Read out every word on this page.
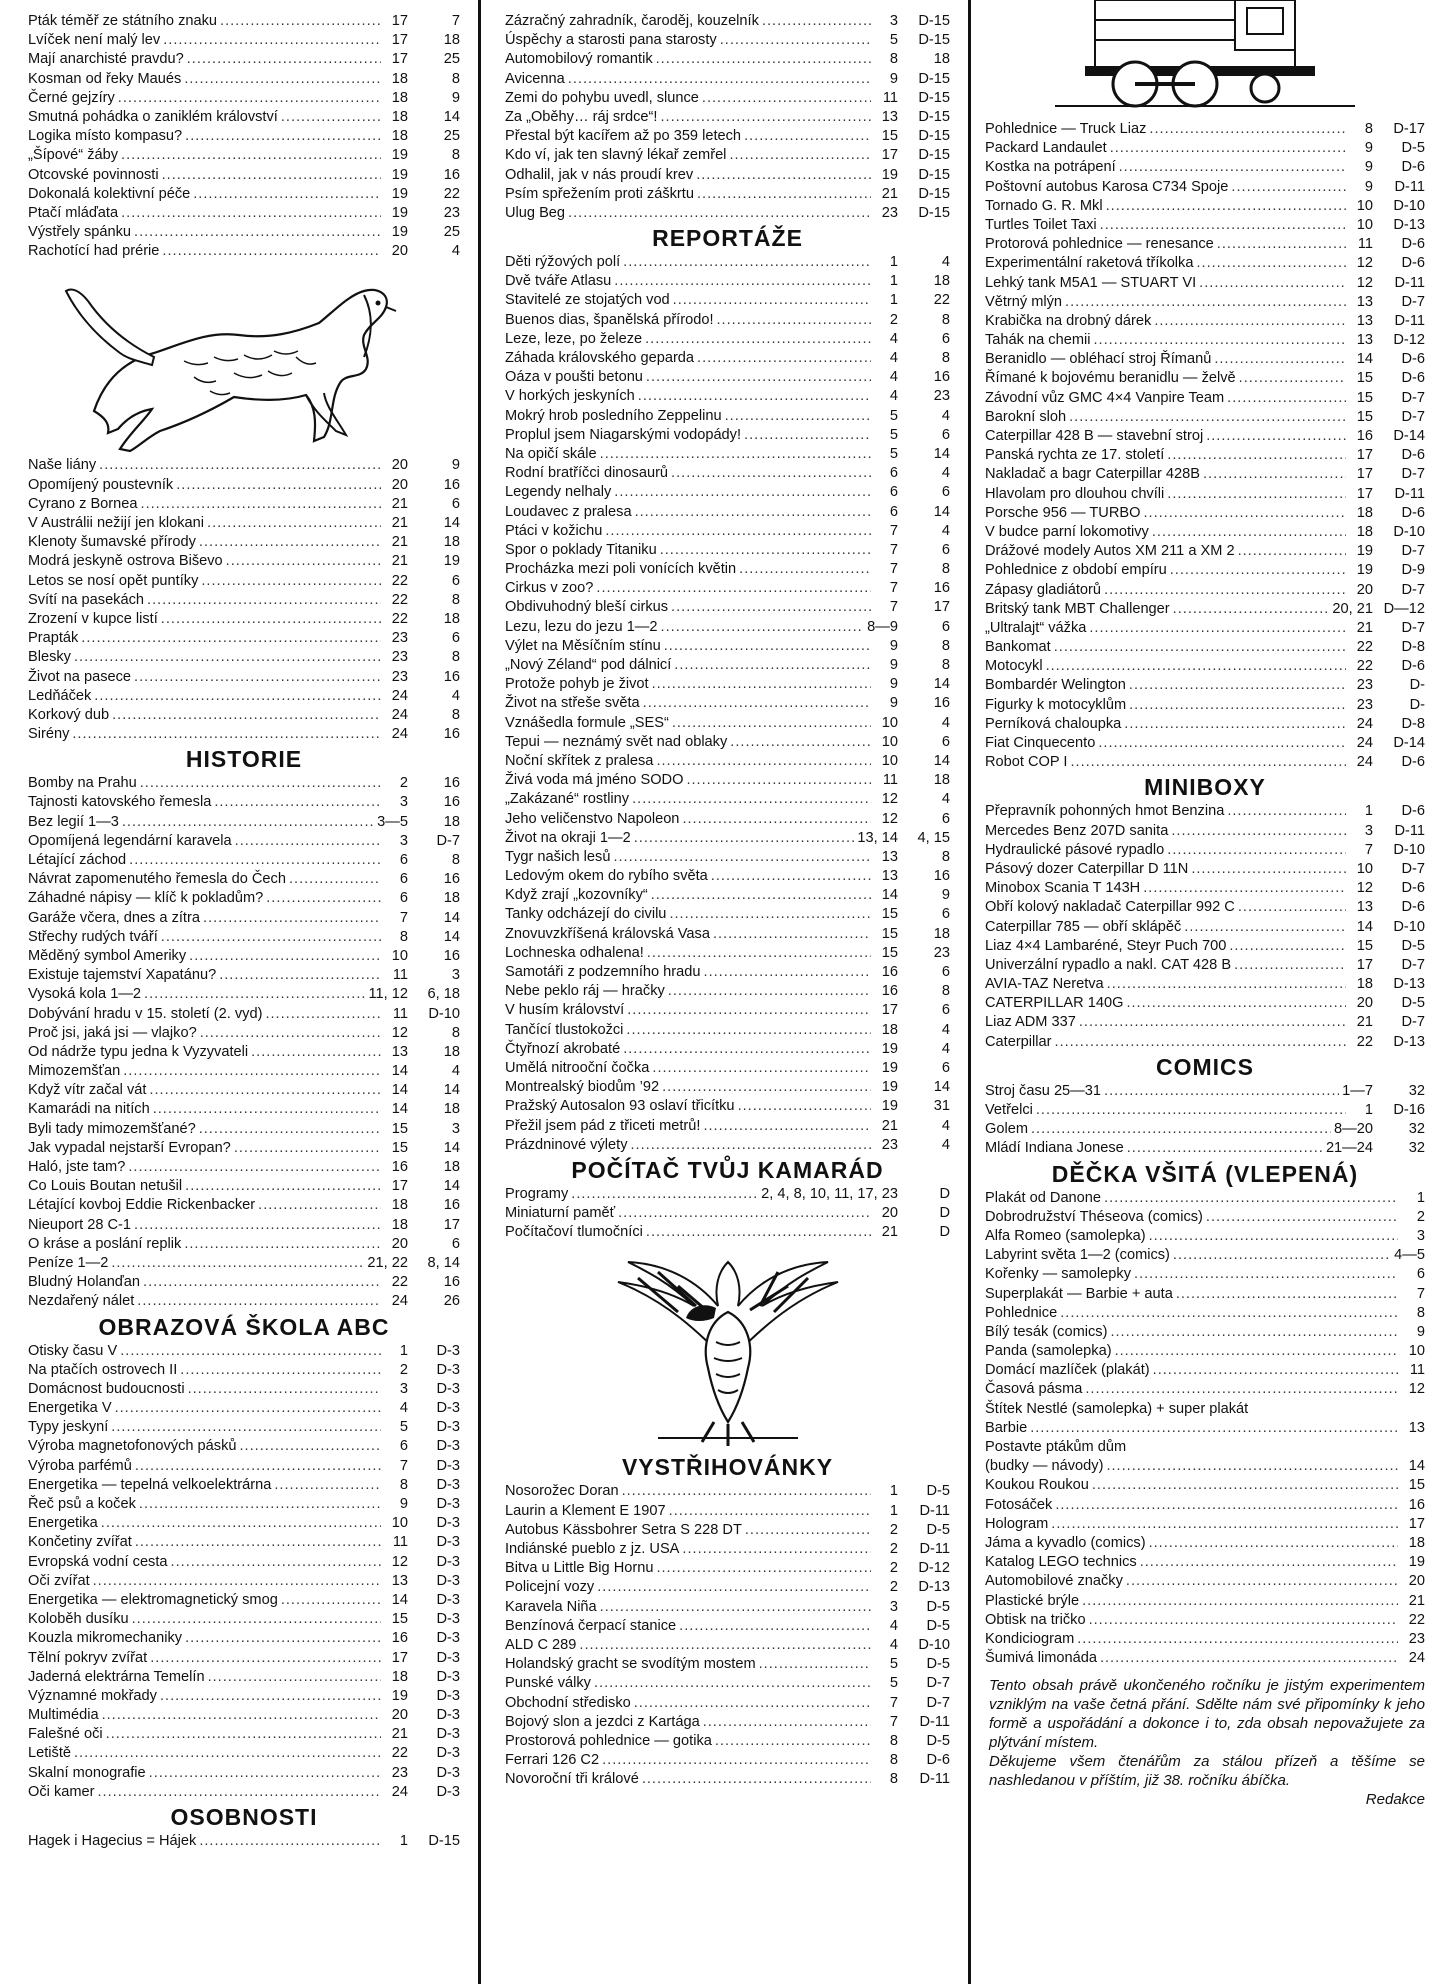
Pták téměř ze státního znaku .....	17	7
Lvíček není malý lev .....	17	18
Mají anarchisté pravdu? .....	17	25
Kosman od řeky Maués .....	18	8
Černé gejzíry .....	18	9
Smutná pohádka o zaniklém království .....	18	14
Logika místo kompasu? .....	18	25
„Šípové“ žáby .....	19	8
Otcovské povinnosti .....	19	16
Dokonalá kolektivní péče .....	19	22
Ptačí mláďata .....	19	23
Výstřely spánku .....	19	25
Rachotící had prérie .....	20	4
Naše liány .....	20	9
Opomíjený poustevník .....	20	16
Cyrano z Bornea .....	21	6
V Austrálii nežijí jen klokani .....	21	14
Klenoty šumavské přírody .....	21	18
Modrá jeskyně ostrova Biševo .....	21	19
Letos se nosí opět puntíky .....	22	6
Svítí na pasekách .....	22	8
Zrození v kupce listí .....	22	18
Prapták .....	23	6
Blesky .....	23	8
Život na pasece .....	23	16
Ledňáček .....	24	4
Korkový dub .....	24	8
Sirény .....	24	16
HISTORIE
Bomby na Prahu .....	2	16
Tajnosti katovského řemesla .....	3	16
Bez legií 1—3 .....	3—5	18
Opomíjená legendární karavela .....	3	D-7
Létající záchod .....	6	8
Návrat zapomenutého řemesla do Čech .....	6	16
Záhadné nápisy — klíč k pokladům? .....	6	18
Garáže včera, dnes a zítra .....	7	14
Střechy rudých tváří .....	8	14
Měděný symbol Ameriky .....	10	16
Existuje tajemství Xapatánu? .....	11	3
Vysoká kola 1—2 .....	11, 12	6, 18
Dobývání hradu v 15. století (2. vyd) .....	11	D-10
Proč jsi, jaká jsi — vlajko? .....	12	8
Od nádrže typu jedna k Vyzyvateli .....	13	18
Mimozemšťan .....	14	4
Když vítr začal vát .....	14	14
Kamarádi na nitích .....	14	18
Byli tady mimozemšťané? .....	15	3
Jak vypadal nejstarší Evropan? .....	15	14
Haló, jste tam? .....	16	18
Co Louis Boutan netušil .....	17	14
Létající kovboj Eddie Rickenbacker .....	18	16
Nieuport 28 C-1 .....	18	17
O kráse a poslání replik .....	20	6
Peníze 1—2 .....	21, 22	8, 14
Bludný Holanďan .....	22	16
Nezdařený nálet .....	24	26
OBRAZOVÁ ŠKOLA ABC
Otisky času V .....	1	D-3
Na ptačích ostrovech II .....	2	D-3
Domácnost budoucnosti .....	3	D-3
Energetika V .....	4	D-3
Typy jeskyní .....	5	D-3
Výroba magnetofonových pásků .....	6	D-3
Výroba parfémů .....	7	D-3
Energetika — tepelná velkoelektrárna .....	8	D-3
Řeč psů a koček .....	9	D-3
Energetika .....	10	D-3
Končetiny zvířat .....	11	D-3
Evropská vodní cesta .....	12	D-3
Oči zvířat .....	13	D-3
Energetika — elektromagnetický smog .....	14	D-3
Koloběh dusíku .....	15	D-3
Kouzla mikromechaniky .....	16	D-3
Tělní pokryv zvířat .....	17	D-3
Jaderná elektrárna Temelín .....	18	D-3
Významné mokřady .....	19	D-3
Multimédia .....	20	D-3
Falešné oči .....	21	D-3
Letiště .....	22	D-3
Skalní monografie .....	23	D-3
Oči kamer .....	24	D-3
OSOBNOSTI
Hagek i Hagecius = Hájek .....	1	D-15
Zázračný zahradník, čaroděj, kouzelník .....	3	D-15
Úspěchy a starosti pana starosty .....	5	D-15
Automobilový romantik .....	8	18
Avicenna .....	9	D-15
Zemi do pohybu uvedl, slunce .....	11	D-15
Za „Oběhy… ráj srdce“! .....	13	D-15
Přestal být kacířem až po 359 letech .....	15	D-15
Kdo ví, jak ten slavný lékař zemřel .....	17	D-15
Odhalil, jak v nás proudí krev .....	19	D-15
Psím spřežením proti záškrtu .....	21	D-15
Ulug Beg .....	23	D-15
REPORTÁŽE
Děti rýžových polí .....	1	4
Dvě tváře Atlasu .....	1	18
Stavitelé ze stojatých vod .....	1	22
Buenos dias, španělská přírodo! .....	2	8
Leze, leze, po železe .....	4	6
Záhada královského geparda .....	4	8
Oáza v poušti betonu .....	4	16
V horkých jeskyních .....	4	23
Mokrý hrob posledního Zeppelinu .....	5	4
Proplul jsem Niagarskými vodopády! .....	5	6
Na opičí skále .....	5	14
Rodní bratříčci dinosaurů .....	6	4
Legendy nelhaly .....	6	6
Loudavec z pralesa .....	6	14
Ptáci v kožichu .....	7	4
Spor o poklady Titaniku .....	7	6
Procházka mezi poli vonících květin .....	7	8
Cirkus v zoo? .....	7	16
Obdivuhodný bleší cirkus .....	7	17
Lezu, lezu do jezu 1—2 .....	8—9	6
Výlet na Měsíčním stínu .....	9	8
„Nový Zéland“ pod dálnicí .....	9	8
Protože pohyb je život .....	9	14
Život na střeše světa .....	9	16
Vznášedla formule „SES“ .....	10	4
Tepui — neznámý svět nad oblaky .....	10	6
Noční skřítek z pralesa .....	10	14
Živá voda má jméno SODO .....	11	18
„Zakázané“ rostliny .....	12	4
Jeho veličenstvo Napoleon .....	12	6
Život na okraji 1—2 .....	13, 14	4, 15
Tygr našich lesů .....	13	8
Ledovým okem do rybího světa .....	13	16
Když zrají „kozovníky“ .....	14	9
Tanky odcházejí do civilu .....	15	6
Znovuvzkříšená královská Vasa .....	15	18
Lochneska odhalena! .....	15	23
Samotáři z podzemního hradu .....	16	6
Nebe peklo ráj — hračky .....	16	8
V husím království .....	17	6
Tančící tlustokožci .....	18	4
Čtyřnozí akrobaté .....	19	4
Umělá nitrooční čočka .....	19	6
Montrealský biodům ’92 .....	19	14
Pražský Autosalon 93 oslaví třicítku .....	19	31
Přežil jsem pád z třiceti metrů! .....	21	4
Prázdninové výlety .....	23	4
POČÍTAČ TVŮJ KAMARÁD
Programy .....	2, 4, 8, 10, 11, 17, 23	D
Miniaturní paměť .....	20	D
Počítačoví tlumočníci .....	21	D
VYSTŘIHOVÁNKY
Nosorožec Doran .....	1	D-5
Laurin a Klement E 1907 .....	1	D-11
Autobus Kässbohrer Setra S 228 DT .....	2	D-5
Indiánské pueblo z jz. USA .....	2	D-11
Bitva u Little Big Hornu .....	2	D-12
Policejní vozy .....	2	D-13
Karavela Niña .....	3	D-5
Benzínová čerpací stanice .....	4	D-5
ALD C 289 .....	4	D-10
Holandský gracht se svodítým mostem .....	5	D-5
Punské války .....	5	D-7
Obchodní středisko .....	7	D-7
Bojový slon a jezdci z Kartága .....	7	D-11
Prostorová pohlednice — gotika .....	8	D-5
Ferrari 126 C2 .....	8	D-6
Novoroční tři králové .....	8	D-11
Pohlednice — Truck Liaz .....	8	D-17
Packard Landaulet .....	9	D-5
Kostka na potrápení .....	9	D-6
Poštovní autobus Karosa C734 Spoje .....	9	D-11
Tornado G. R. Mkl .....	10	D-10
Turtles Toilet Taxi .....	10	D-13
Protorová pohlednice — renesance .....	11	D-6
Experimentální raketová tříkolka .....	12	D-6
Lehký tank M5A1 — STUART VI .....	12	D-11
Větrný mlýn .....	13	D-7
Krabička na drobný dárek .....	13	D-11
Tahák na chemii .....	13	D-12
Beranidlo — obléhací stroj Římanů .....	14	D-6
Římané k bojovému beranidlu — želvě .....	15	D-6
Závodní vůz GMC 4×4 Vanpire Team .....	15	D-7
Barokní sloh .....	15	D-7
Caterpillar 428 B — stavební stroj .....	16	D-14
Panská rychta ze 17. století .....	17	D-6
Nakladač a bagr Caterpillar 428B .....	17	D-7
Hlavolam pro dlouhou chvíli .....	17	D-11
Porsche 956 — TURBO .....	18	D-6
V budce parní lokomotivy .....	18	D-10
Drážové modely Autos XM 211 a XM 2 .....	19	D-7
Pohlednice z období empíru .....	19	D-9
Zápasy gladiátorů .....	20	D-7
Britský tank MBT Challenger .....	20, 21 D—12
„Ultralajt“ vážka .....	21	D-7
Bankomat .....	22	D-8
Motocykl .....	22	D-6
Bombardér Welington .....	23	D-
Figurky k motocyklům .....	23	D-
Perníková chaloupka .....	24	D-8
Fiat Cinquecento .....	24	D-14
Robot COP I .....	24	D-6
MINIBOXY
Přepravník pohonných hmot Benzina .....	1	D-6
Mercedes Benz 207D sanita .....	3	D-11
Hydraulické pásové rypadlo .....	7	D-10
Pásový dozer Caterpillar D 11N .....	10	D-7
Minobox Scania T 143H .....	12	D-6
Obří kolový nakladač Caterpillar 992 C .....	13	D-6
Caterpillar 785 — obří sklápěč .....	14	D-10
Liaz 4×4 Lambaréné, Steyr Puch 700 .....	15	D-5
Univerzální rypadlo a nakl. CAT 428 B .....	17	D-7
AVIA-TAZ Neretva .....	18	D-13
CATERPILLAR 140G .....	20	D-5
Liaz ADM 337 .....	21	D-7
Caterpillar .....	22	D-13
COMICS
Stroj času 25—31 .....	1—7	32
Vetřelci .....	1	D-16
Golem .....	8—20	32
Mládí Indiana Jonese .....	21—24	32
DĚČKA VŠITÁ (VLEPENÁ)
Plakát od Danone .....	1
Dobrodružství Théseova (comics) .....	2
Alfa Romeo (samolepka) .....	3
Labyrint světa 1—2 (comics) .....	4—5
Kořenky — samolepky .....	6
Superplakát — Barbie + auta .....	7
Pohlednice .....	8
Bílý tesák (comics) .....	9
Panda (samolepka) .....	10
Domácí mazlíček (plakát) .....	11
Časová pásma .....	12
Štítek Nestlé (samolepka) + super plakát
Barbie .....	13
Postavte ptákům dům
(budky — návody) .....	14
Koukou Roukou .....	15
Fotosáček .....	16
Hologram .....	17
Jáma a kyvadlo (comics) .....	18
Katalog LEGO technics .....	19
Automobilové značky .....	20
Plastické brýle .....	21
Obtisk na tričko .....	22
Kondiciogram .....	23
Šumivá limonáda .....	24

Tento obsah právě ukončeného ročníku je jistým experimentem vzniklým na vaše četná přání. Sdělte nám své připomínky k jeho formě a uspořádání a dokonce i to, zda obsah nepovažujete za plýtvání místem.

Děkujeme všem čtenářům za stálou přízeň a těšíme se nashledanou v příštím, již 38. ročníku ábíčka.

Redakce
